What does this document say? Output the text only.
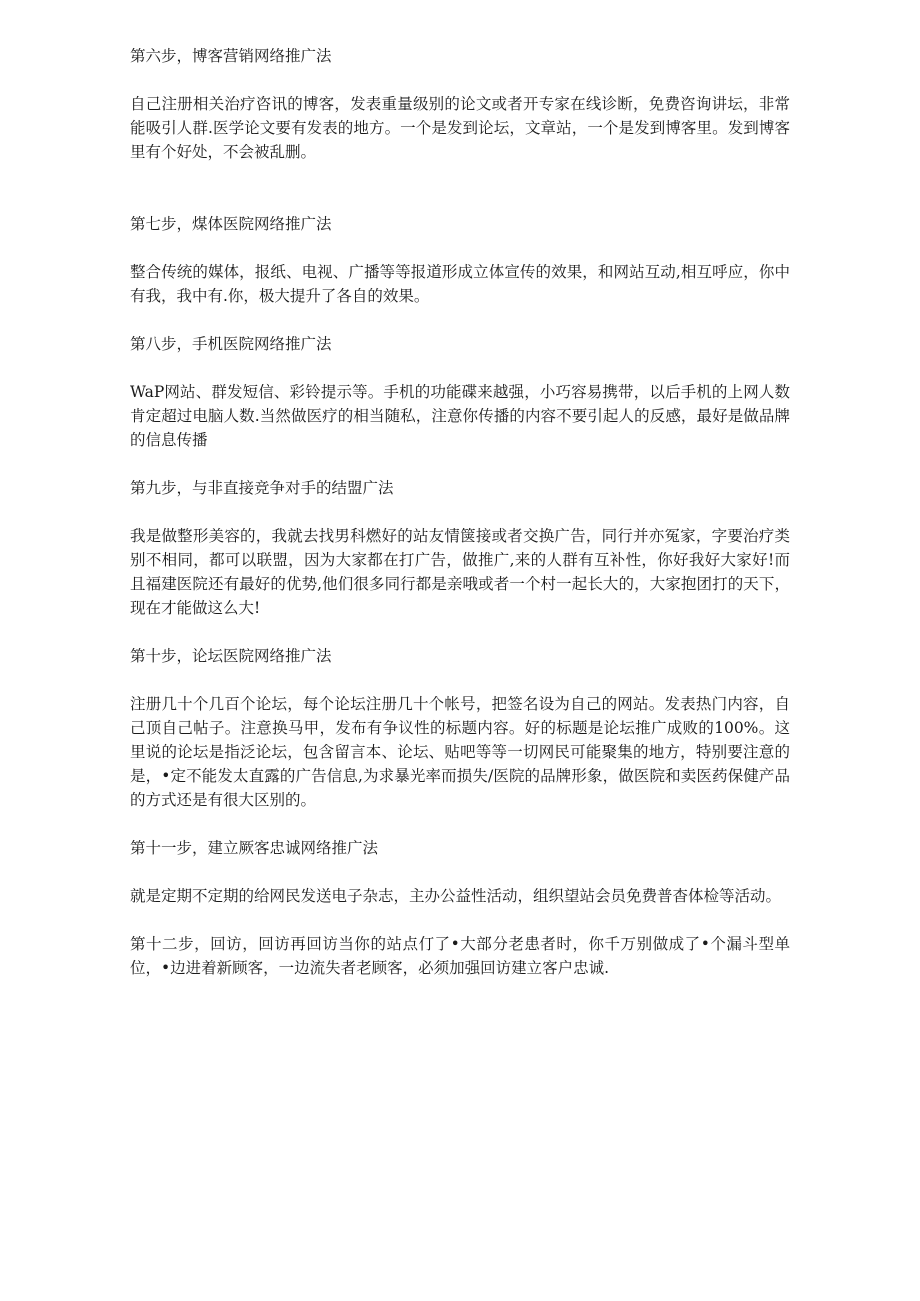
第六步，博客营销网络推广法

自己注册相关治疗咨讯的博客，发表重量级别的论文或者开专家在线诊断，免费咨询讲坛，非常能吸引人群.医学论文要有发表的地方。一个是发到论坛，文章站，一个是发到博客里。发到博客里有个好处，不会被乱删。

第七步，煤体医院网络推广法

整合传统的媒体，报纸、电视、广播等等报道形成立体宣传的效果，和网站互动,相互呼应，你中有我，我中有.你，极大提升了各自的效果。

第八步，手机医院网络推广法

WaP网站、群发短信、彩铃提示等。手机的功能碟来越强，小巧容易携带，以后手机的上网人数肯定超过电脑人数.当然做医疗的相当随私，注意你传播的内容不要引起人的反感，最好是做品牌的信息传播

第九步，与非直接竞争对手的结盟广法

我是做整形美容的，我就去找男科燃好的站友情箧接或者交换广告，同行并亦冤家，字要治疗类别不相同，都可以联盟，因为大家都在打广告，做推广,来的人群有互补性，你好我好大家好!而且福建医院还有最好的优势,他们很多同行都是亲哦或者一个村一起长大的，大家抱团打的天下，现在才能做这么大!

第十步，论坛医院网络推广法

注册几十个几百个论坛，每个论坛注册几十个帐号，把签名设为自己的网站。发表热门内容，自己顶自己帖子。注意换马甲，发布有争议性的标题内容。好的标题是论坛推广成败的100%。这里说的论坛是指泛论坛，包含留言本、论坛、贴吧等等一切网民可能聚集的地方，特别要注意的是，•定不能发太直露的广告信息,为求暴光率而损失/医院的品牌形象，做医院和卖医药保健产品的方式还是有很大区别的。

第十一步，建立厥客忠诚网络推广法

就是定期不定期的给网民发送电子杂志，主办公益性活动，组织望站会员免费普杳体检等活动。

第十二步，回访，回访再回访当你的站点仃了•大部分老患者时，你千万别做成了•个漏斗型单位，•边进着新顾客，一边流失者老顾客，必须加强回访建立客户忠诚.
